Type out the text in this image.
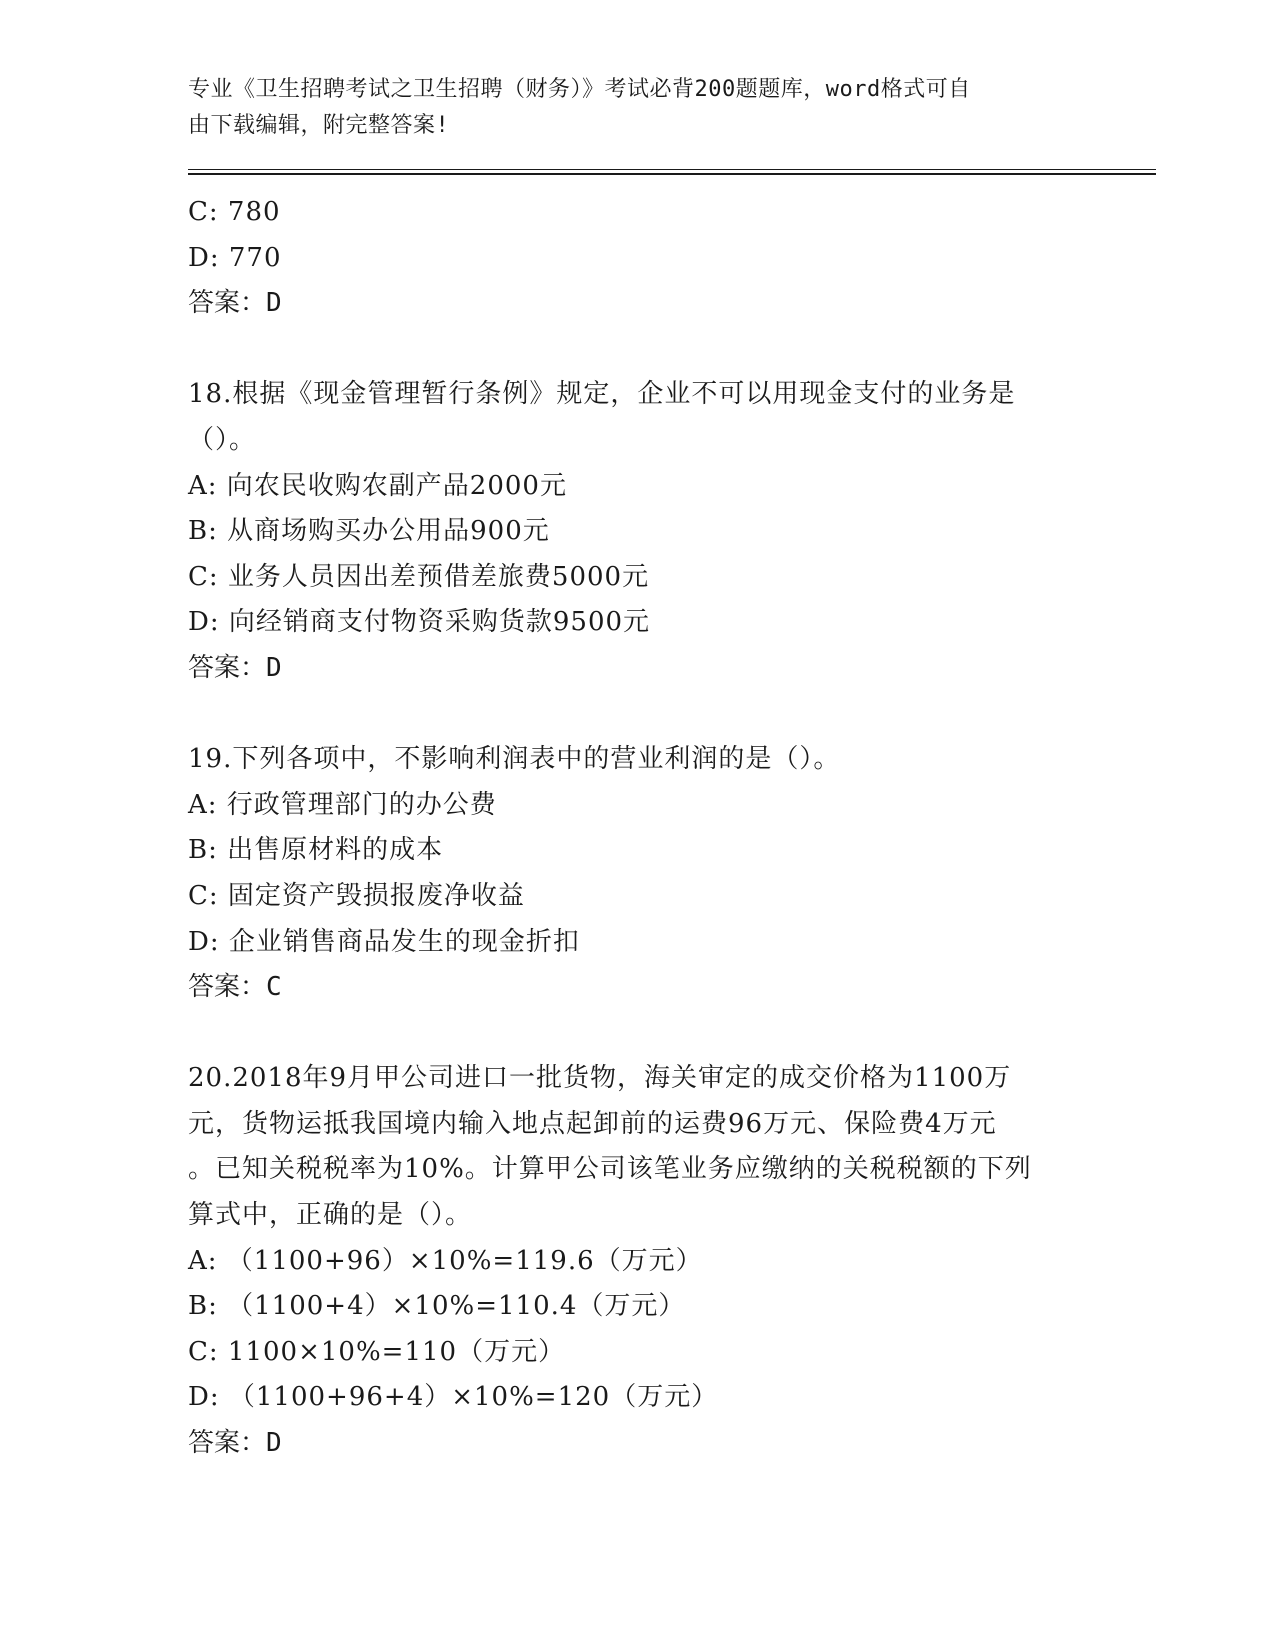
专业《卫生招聘考试之卫生招聘（财务）》考试必背200题题库，word格式可自
由下载编辑，附完整答案!
C: 780
D: 770
答案：D
18.根据《现金管理暂行条例》规定，企业不可以用现金支付的业务是
（）。
A: 向农民收购农副产品2000元
B: 从商场购买办公用品900元
C: 业务人员因出差预借差旅费5000元
D: 向经销商支付物资采购货款9500元
答案：D
19.下列各项中，不影响利润表中的营业利润的是（）。
A: 行政管理部门的办公费
B: 出售原材料的成本
C: 固定资产毁损报废净收益
D: 企业销售商品发生的现金折扣
答案：C
20.2018年9月甲公司进口一批货物，海关审定的成交价格为1100万
元，货物运抵我国境内输入地点起卸前的运费96万元、保险费4万元
。已知关税税率为10%。计算甲公司该笔业务应缴纳的关税税额的下列
算式中，正确的是（）。
A: （1100+96）×10%=119.6（万元）
B: （1100+4）×10%=110.4（万元）
C: 1100×10%=110（万元）
D: （1100+96+4）×10%=120（万元）
答案：D
